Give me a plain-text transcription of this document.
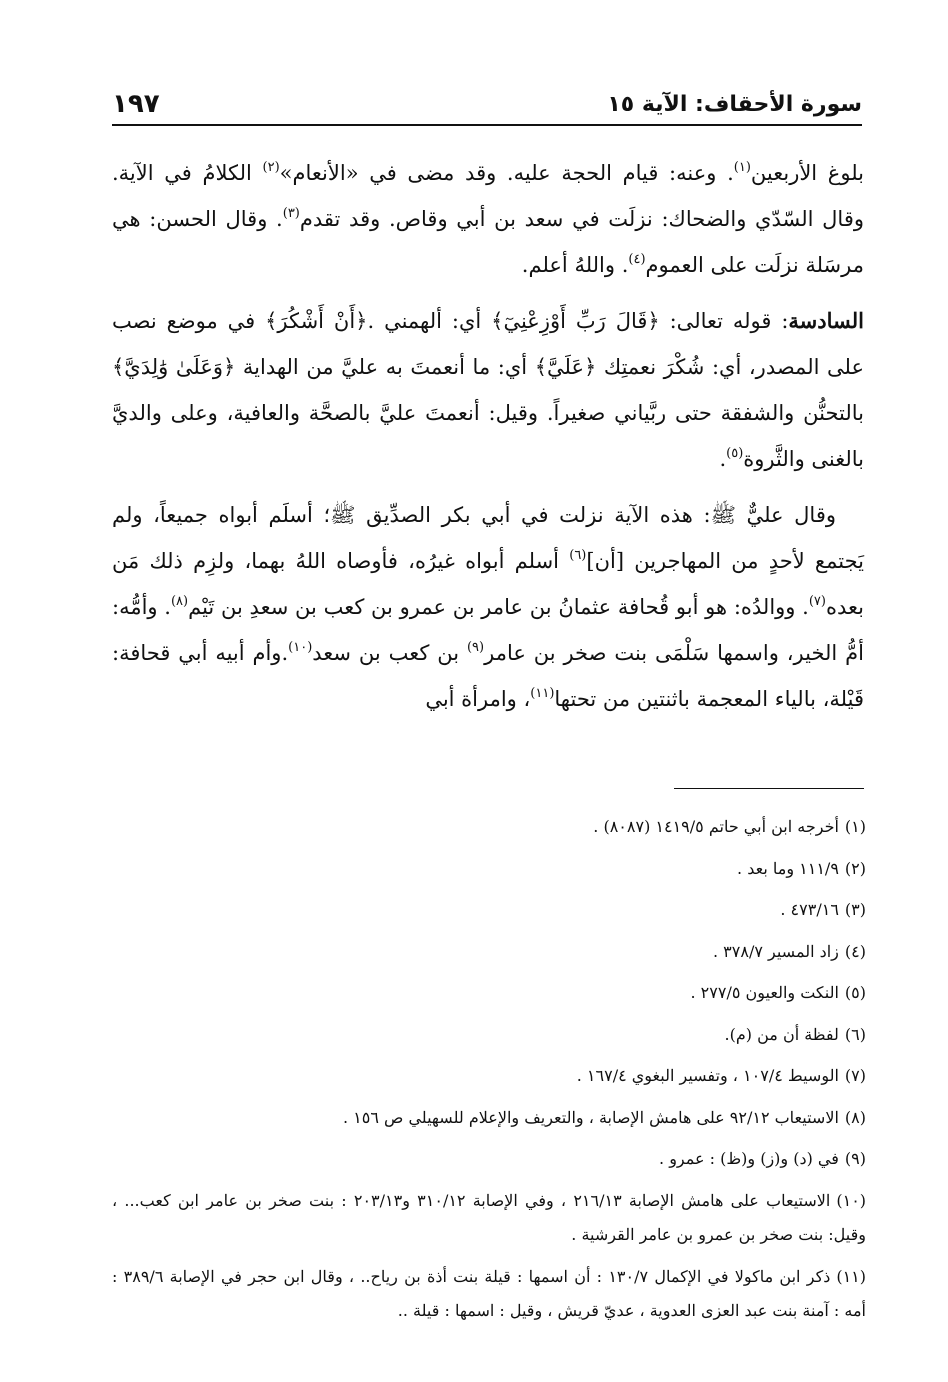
سورة الأحقاف: الآية ١٥
١٩٧

بلوغ الأربعين$^{(١)}$. وعنه: قيام الحجة عليه. وقد مضى في «الأنعام»$^{(٢)}$ الكلامُ في الآية. وقال السّدّي والضحاك: نزلَت في سعد بن أبي وقاص. وقد تقدم$^{(٣)}$. وقال الحسن: هي مرسَلة نزلَت على العموم$^{(٤)}$. واللهُ أعلم.

السادسة: قوله تعالى: ﴿قَالَ رَبِّ أَوْزِعْنِيٓ﴾ أي: ألهمني .﴿أَنْ أَشْكُرَ﴾ في موضع نصب على المصدر، أي: شُكْرَ نعمتِك ﴿عَلَيَّ﴾ أي: ما أنعمتَ به عليَّ من الهداية ﴿وَعَلَىٰ وَٰلِدَيَّ﴾ بالتحنُّن والشفقة حتى ربَّياني صغيراً. وقيل: أنعمتَ عليَّ بالصحَّة والعافية، وعلى والديَّ بالغنى والثَّروة$^{(٥)}$.

وقال عليٌّ ﷺ: هذه الآية نزلت في أبي بكر الصدِّيق ﷺ؛ أسلَم أبواه جميعاً، ولم يَجتمع لأحدٍ من المهاجرين [أن]$^{(٦)}$ أسلم أبواه غيرُه، فأوصاه اللهُ بهما، ولزِم ذلك مَن بعده$^{(٧)}$. ووالدُه: هو أبو قُحافة عثمانُ بن عامر بن عمرو بن كعب بن سعدِ بن تَيْم$^{(٨)}$. وأمُّه: أمُّ الخير، واسمها سَلْمَى بنت صخر بن عامر$^{(٩)}$ بن كعب بن سعد$^{(١٠)}$.وأم أبيه أبي قحافة: قَيْلة، بالياء المعجمة باثنتين من تحتها$^{(١١)}$، وامرأة أبي

(١)أخرجه ابن أبي حاتم ١٤١٩/٥ (٨٠٨٧) .

(٢)١١١/٩ وما بعد .

(٣)٤٧٣/١٦ .

(٤)زاد المسير ٣٧٨/٧ .

(٥)النكت والعيون ٢٧٧/٥ .

(٦)لفظة أن من (م).

(٧)الوسيط ١٠٧/٤ ، وتفسير البغوي ١٦٧/٤ .

(٨)الاستيعاب ٩٢/١٢ على هامش الإصابة ، والتعريف والإعلام للسهيلي ص ١٥٦ .

(٩)في (د) و(ز) و(ظ) : عمرو .

(١٠)الاستيعاب على هامش الإصابة ٢١٦/١٣ ، وفي الإصابة ٣١٠/١٢ و٢٠٣/١٣ : بنت صخر بن عامر ابن كعب... ، وقيل: بنت صخر بن عمرو بن عامر القرشية .

(١١)ذكر ابن ماكولا في الإكمال ١٣٠/٧ : أن اسمها : قيلة بنت أذة بن رياح.. ، وقال ابن حجر في الإصابة ٣٨٩/٦ : أمه : آمنة بنت عبد العزى العدوية ، عديّ قريش ، وقيل : اسمها : قيلة ..
